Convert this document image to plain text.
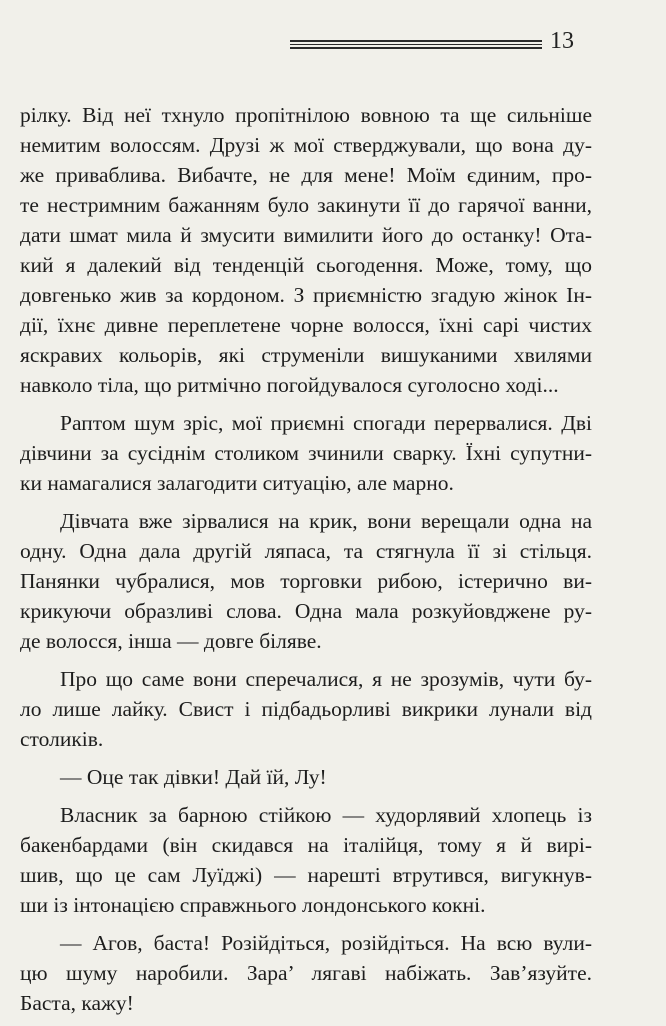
13

рілку. Від неї тхнуло пропітнілою вовною та ще сильніше
немитим волоссям. Друзі ж мої стверджували, що вона ду-
же приваблива. Вибачте, не для мене! Моїм єдиним, про-
те нестримним бажанням було закинути її до гарячої ванни,
дати шмат мила й змусити вимилити його до останку! Ота-
кий я далекий від тенденцій сьогодення. Може, тому, що
довгенько жив за кордоном. З приємністю згадую жінок Ін-
дії, їхнє дивне переплетене чорне волосся, їхні сарі чистих
яскравих кольорів, які струменіли вишуканими хвилями
навколо тіла, що ритмічно погойдувалося суголосно ході...

Раптом шум зріс, мої приємні спогади перервалися. Дві
дівчини за сусіднім столиком зчинили сварку. Їхні супутни-
ки намагалися залагодити ситуацію, але марно.

Дівчата вже зірвалися на крик, вони верещали одна на
одну. Одна дала другій ляпаса, та стягнула її зі стільця.
Панянки чубралися, мов торговки рибою, істерично ви-
крикуючи образливі слова. Одна мала розкуйовджене ру-
де волосся, інша — довге біляве.

Про що саме вони сперечалися, я не зрозумів, чути бу-
ло лише лайку. Свист і підбадьорливі викрики лунали від
столиків.

— Оце так дівки! Дай їй, Лу!

Власник за барною стійкою — худорлявий хлопець із
бакенбардами (він скидався на італійця, тому я й вирі-
шив, що це сам Луїджі) — нарешті втрутився, вигукнув-
ши із інтонацією справжнього лондонського кокні.

— Агов, баста! Розійдіться, розійдіться. На всю вули-
цю шуму наробили. Зара’ лягаві набіжать. Зав’язуйте.
Баста, кажу!
